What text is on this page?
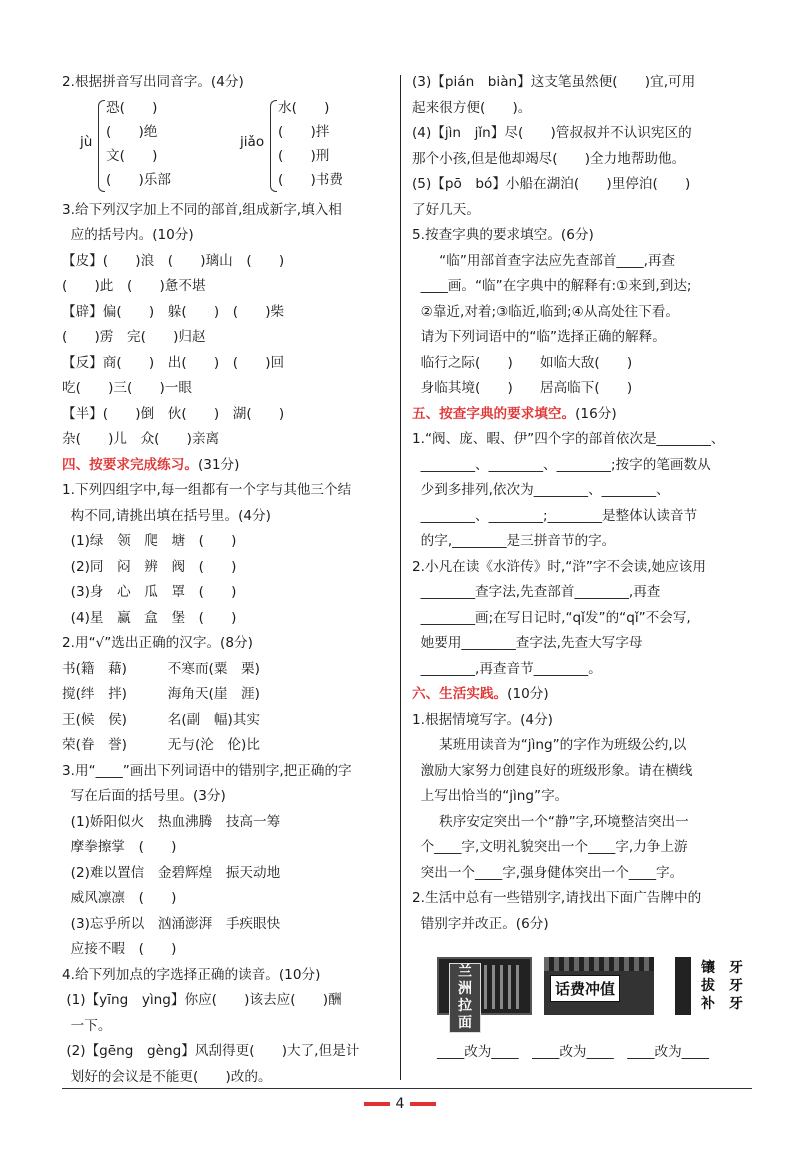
2.根据拼音写出同音字。(4分)
jù
恐(　　)
(　　)绝
文(　　)
(　　)乐部
jiǎo
水(　　)
(　　)拌
(　　)刑
(　　)书费
3.给下列汉字加上不同的部首,组成新字,填入相
应的括号内。(10分)
【皮】(　　)浪　(　　)璃山　(　　)
(　　)此　(　　)惫不堪
【辟】偏(　　)　躲(　　)　(　　)柴
(　　)雳　完(　　)归赵
【反】商(　　)　出(　　)　(　　)回
吃(　　)三(　　)一眼
【半】(　　)倒　伙(　　)　湖(　　)
杂(　　)儿　众(　　)亲离
四、按要求完成练习。(31分)
1.下列四组字中,每一组都有一个字与其他三个结
构不同,请挑出填在括号里。(4分)
(1)绿　领　爬　塘　(　　)
(2)同　闷　辨　阀　(　　)
(3)身　心　瓜　罩　(　　)
(4)星　赢　盒　堡　(　　)
2.用“√”选出正确的汉字。(8分)
书(籍　藉)　　　不寒而(粟　栗)
搅(绊　拌)　　　海角天(崖　涯)
王(候　侯)　　　名(副　幅)其实
荣(眷　誉)　　　无与(沦　伦)比
3.用“____”画出下列词语中的错别字,把正确的字
写在后面的括号里。(3分)
(1)娇阳似火　热血沸腾　技高一筹
摩拳擦掌　(　　)
(2)难以置信　金碧辉煌　振天动地
威风凛凛　(　　)
(3)忘乎所以　汹涌澎湃　手疾眼快
应接不暇　(　　)
4.给下列加点的字选择正确的读音。(10分)
(1)【yīng　yìng】你应(　　)该去应(　　)酬
一下。
(2)【gēng　gèng】风刮得更(　　)大了,但是计
划好的会议是不能更(　　)改的。
(3)【pián　biàn】这支笔虽然便(　　)宜,可用
起来很方便(　　)。
(4)【jìn　jǐn】尽(　　)管叔叔并不认识宪区的
那个小孩,但是他却竭尽(　　)全力地帮助他。
(5)【pō　bó】小船在湖泊(　　)里停泊(　　)
了好几天。
5.按查字典的要求填空。(6分)
　　“临”用部首查字法应先查部首____,再查
____画。“临”在字典中的解释有:①来到,到达;
②靠近,对着;③临近,临到;④从高处往下看。
请为下列词语中的“临”选择正确的解释。
临行之际(　　)　　如临大敌(　　)
身临其境(　　)　　居高临下(　　)
五、按查字典的要求填空。(16分)
1.“阀、庞、暇、伊”四个字的部首依次是________、
________、________、________;按字的笔画数从
少到多排列,依次为________、________、
________、________;________是整体认读音节
的字,________是三拼音节的字。
2.小凡在读《水浒传》时,“浒”字不会读,她应该用
________查字法,先查部首________,再查
________画;在写日记时,“qǐ发”的“qǐ”不会写,
她要用________查字法,先查大写字母
________,再查音节________。
六、生活实践。(10分)
1.根据情境写字。(4分)
　　某班用读音为“jìng”的字作为班级公约,以
激励大家努力创建良好的班级形象。请在横线
上写出恰当的“jìng”字。
　　秩序安定突出一个“静”字,环境整洁突出一
个____字,文明礼貌突出一个____字,力争上游
突出一个____字,强身健体突出一个____字。
2.生活中总有一些错别字,请找出下面广告牌中的
错别字并改正。(6分)
兰
洲
拉
面
话费冲值
镶　牙
拔　牙
补　牙
____改为____　____改为____　____改为____
4
